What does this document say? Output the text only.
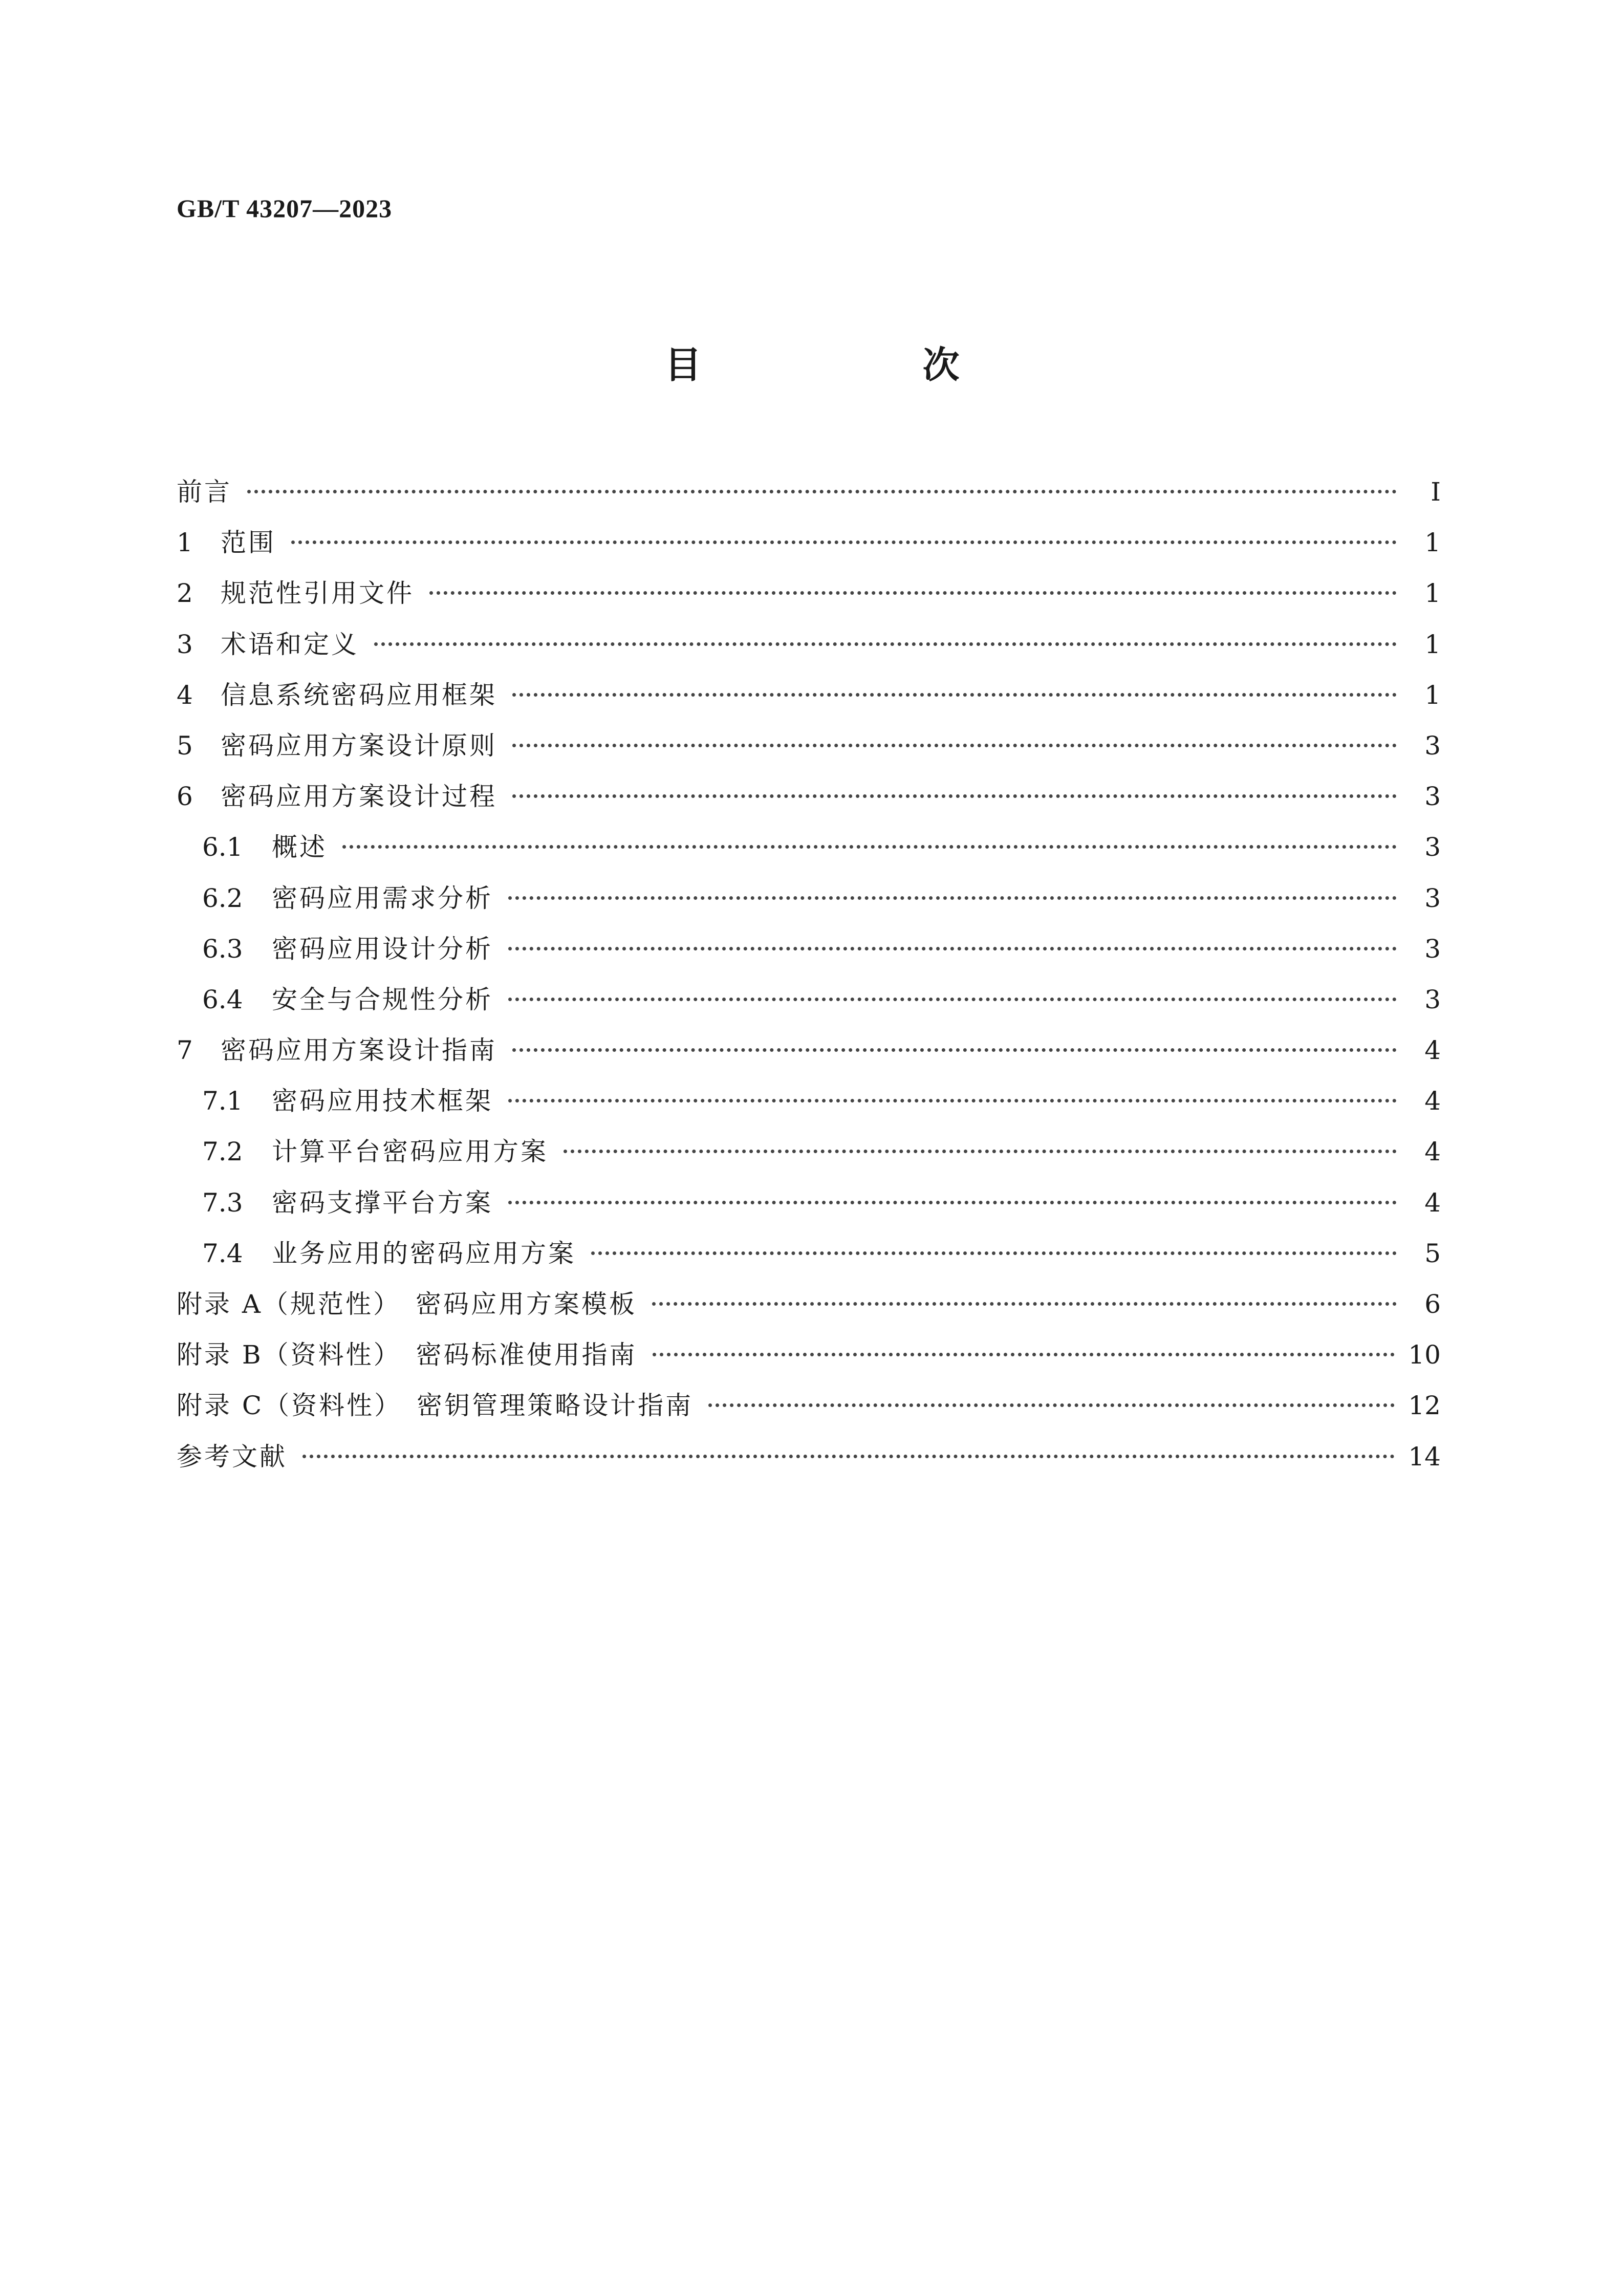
GB/T 43207—2023
目　次
前言	Ⅰ
1	范围	1
2	规范性引用文件	1
3	术语和定义	1
4	信息系统密码应用框架	1
5	密码应用方案设计原则	3
6	密码应用方案设计过程	3
6.1	概述	3
6.2	密码应用需求分析	3
6.3	密码应用设计分析	3
6.4	安全与合规性分析	3
7	密码应用方案设计指南	4
7.1	密码应用技术框架	4
7.2	计算平台密码应用方案	4
7.3	密码支撑平台方案	4
7.4	业务应用的密码应用方案	5
附录 A（规范性）　密码应用方案模板	6
附录 B（资料性）　密码标准使用指南	10
附录 C（资料性）　密钥管理策略设计指南	12
参考文献	14
